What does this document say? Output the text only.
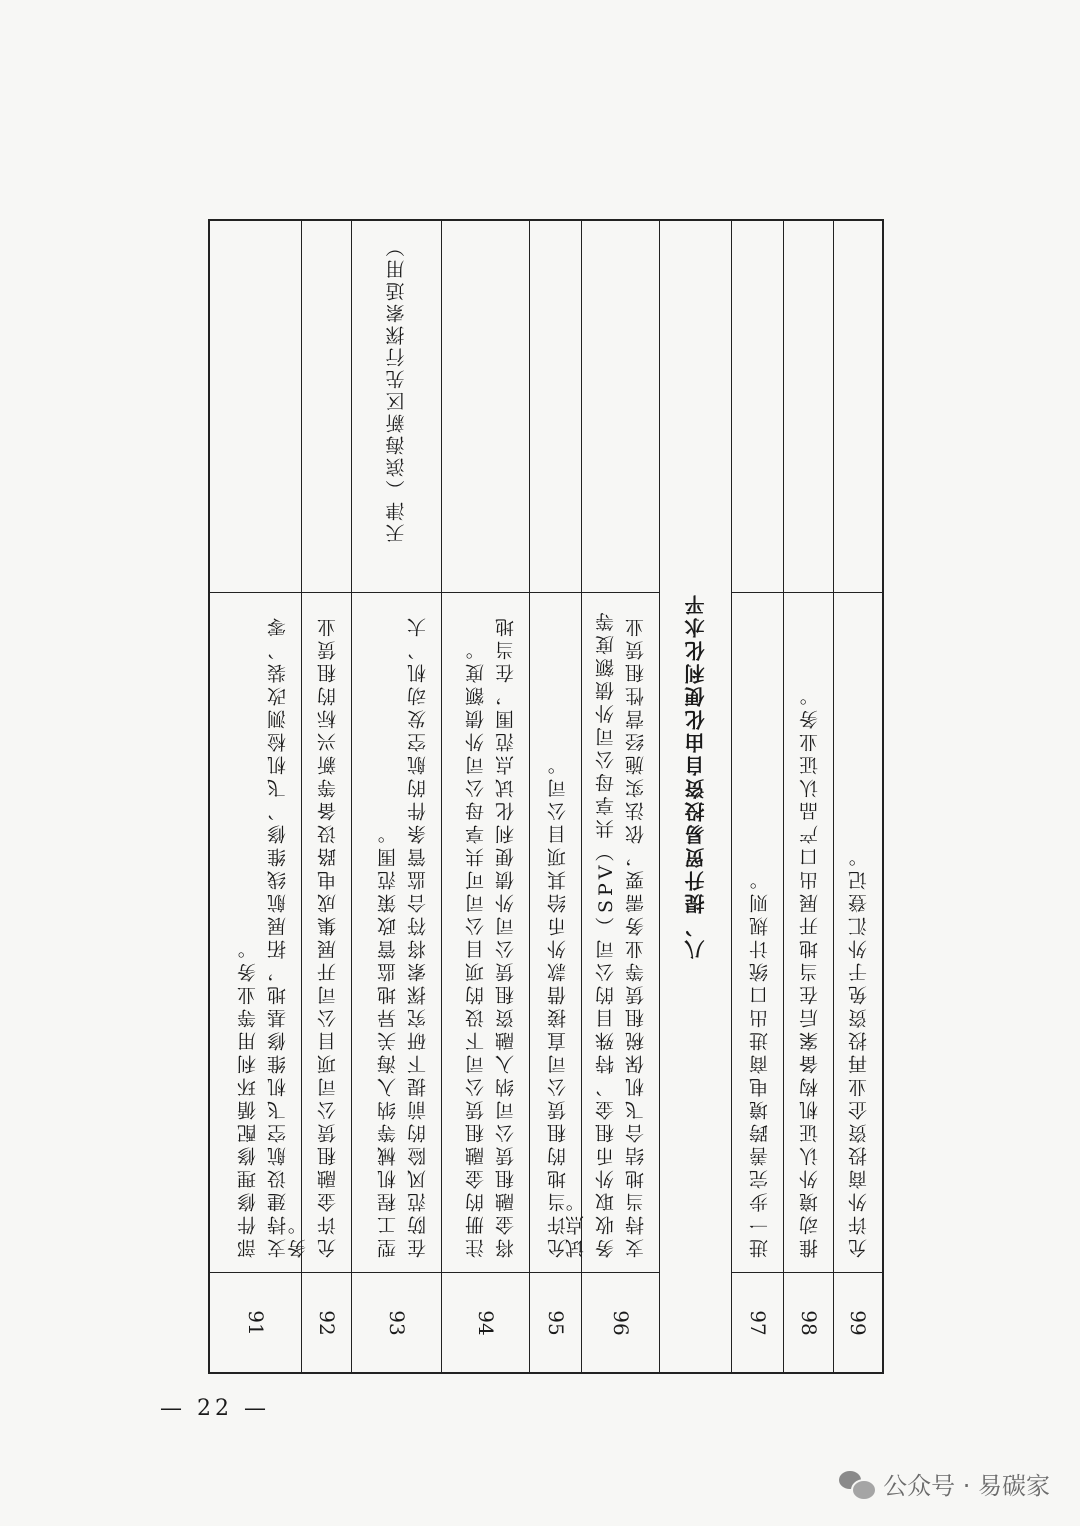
支持建设航空飞机维修基地，拓展航线维修、飞机检测改装、零部件修理修配循环利用等业务。
91
允许金融租赁公司项目公司开展集成电路设备等新兴标的租赁业务。
92
天津（滨海新区先行探索适用）
在防范风险的前提下研究探索将符合监管条件的航空发动机、大型工程机械等纳入海关异地监管政策范围。
93
将金融租赁公司纳入融资租赁公司外债便利化试点范围，在当地注册的金融租赁公司下设的项目公司可共享母公司外债额度。
94
允许当地的租赁公司直接借款外币给其项目公司。
95
支持当地结合飞机保税租赁等业务需要，依法实施经营性租赁业务收取外币租金、特殊目的公司（SPV）共享母公司外债额度等试点。
96
八、提升贸易投资自由化便利化水平
进一步完善跨境电商进出口统计规则。
97
推动境外认证机构备案后在当地开展出口产品认证业务。
98
允许外商投资企业再投资免于外汇登记。
99
— 22 —
公众号 · 易碳家
